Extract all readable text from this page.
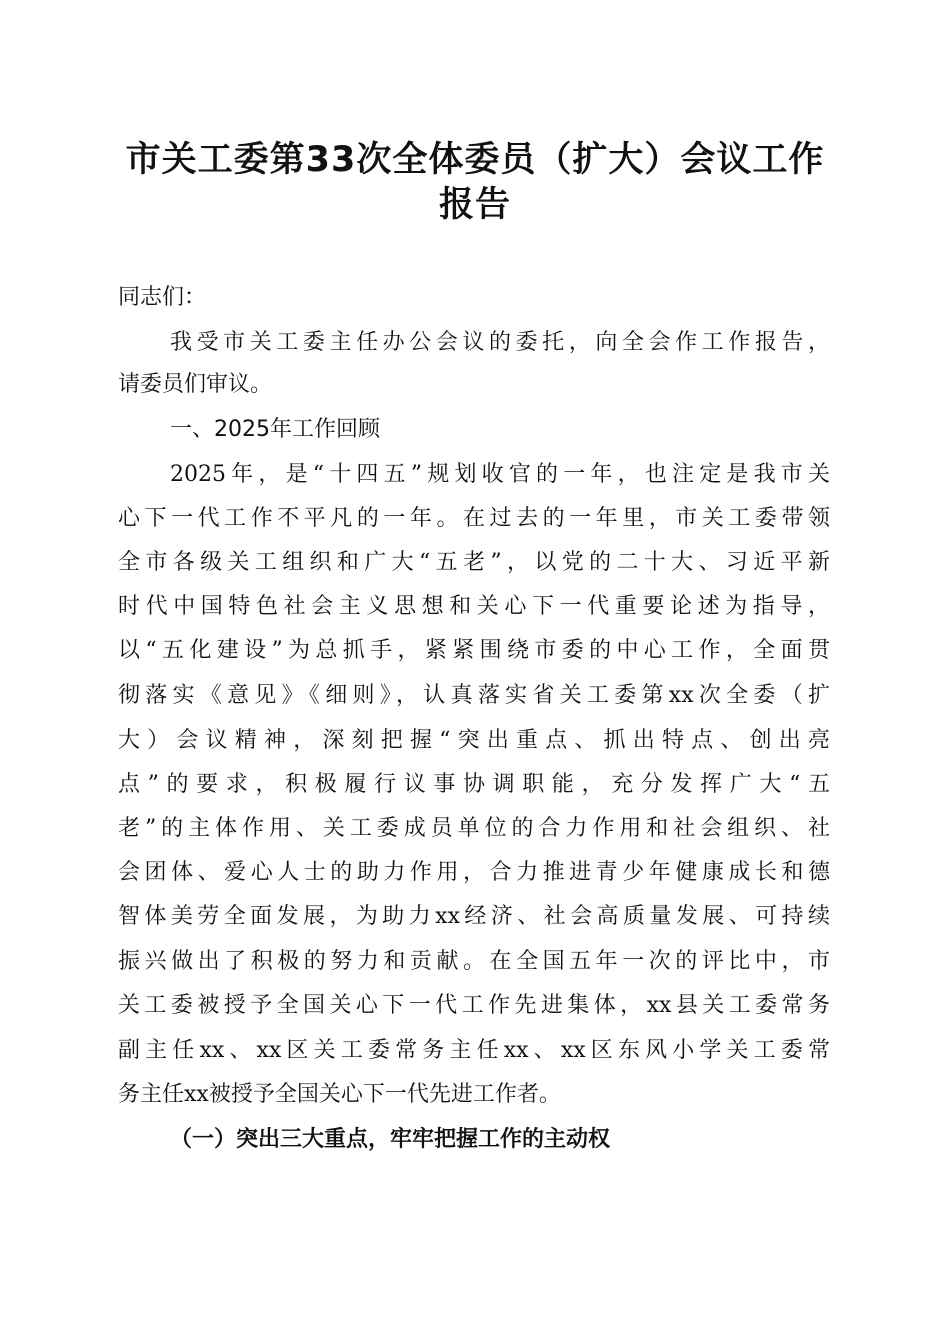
市关工委第33次全体委员（扩大）会议工作
报告

同志们：

我受市关工委主任办公会议的委托，向全会作工作报告，

请委员们审议。

一、2025年工作回顾

2025年，是“十四五”规划收官的一年，也注定是我市关

心下一代工作不平凡的一年。在过去的一年里，市关工委带领

全市各级关工组织和广大“五老”，以党的二十大、习近平新

时代中国特色社会主义思想和关心下一代重要论述为指导，

以“五化建设”为总抓手，紧紧围绕市委的中心工作，全面贯

彻落实《意见》《细则》，认真落实省关工委第xx次全委（扩

大）会议精神，深刻把握“突出重点、抓出特点、创出亮

点”的要求，积极履行议事协调职能，充分发挥广大“五

老”的主体作用、关工委成员单位的合力作用和社会组织、社

会团体、爱心人士的助力作用，合力推进青少年健康成长和德

智体美劳全面发展，为助力xx经济、社会高质量发展、可持续

振兴做出了积极的努力和贡献。在全国五年一次的评比中，市

关工委被授予全国关心下一代工作先进集体，xx县关工委常务

副主任xx、xx区关工委常务主任xx、xx区东风小学关工委常

务主任xx被授予全国关心下一代先进工作者。

（一）突出三大重点，牢牢把握工作的主动权
